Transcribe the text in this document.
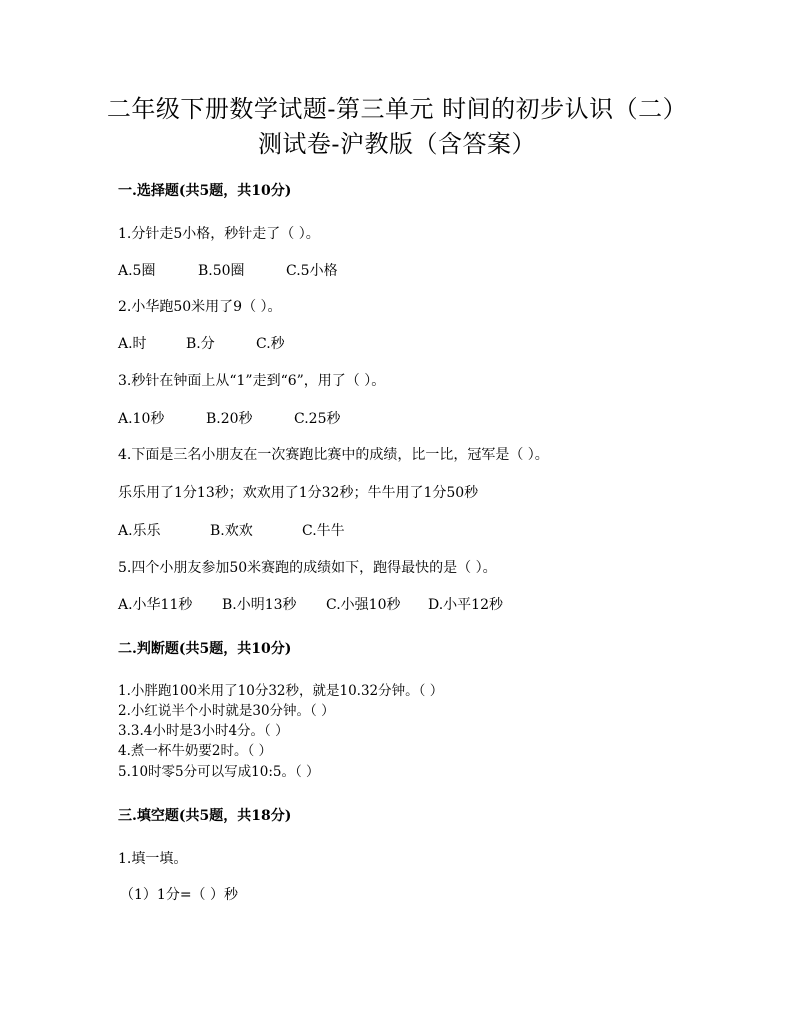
二年级下册数学试题-第三单元 时间的初步认识（二）
测试卷-沪教版（含答案）
一.选择题(共5题，共10分)
1.分针走5小格，秒针走了（ ）。
A.5圈	B.50圈	C.5小格
2.小华跑50米用了9（ ）。
A.时	B.分	C.秒
3.秒针在钟面上从“1”走到“6”，用了（ ）。
A.10秒	B.20秒	C.25秒
4.下面是三名小朋友在一次赛跑比赛中的成绩，比一比，冠军是（ ）。
乐乐用了1分13秒；欢欢用了1分32秒；牛牛用了1分50秒
A.乐乐	B.欢欢	C.牛牛
5.四个小朋友参加50米赛跑的成绩如下，跑得最快的是（ ）。
A.小华11秒 B.小明13秒 C.小强10秒 D.小平12秒
二.判断题(共5题，共10分)
1.小胖跑100米用了10分32秒，就是10.32分钟。（ ）
2.小红说半个小时就是30分钟。（ ）
3.3.4小时是3小时4分。（ ）
4.煮一杯牛奶要2时。（ ）
5.10时零5分可以写成10:5。（ ）
三.填空题(共5题，共18分)
1.填一填。
（1）1分=（ ）秒
